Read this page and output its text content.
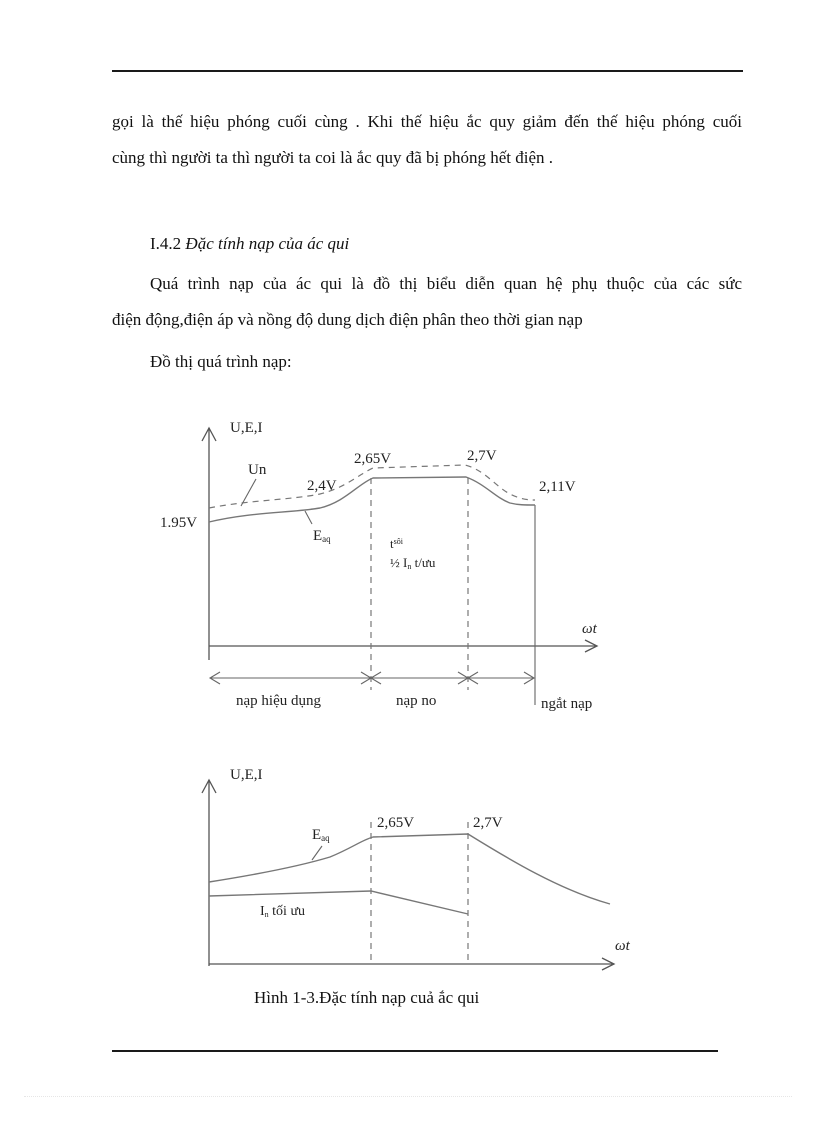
gọi là thế hiệu phóng cuối cùng . Khi thế hiệu ắc quy giảm đến thế hiệu phóng cuối
cùng thì người ta thì người ta coi là ắc quy đã bị phóng hết điện .
I.4.2 Đặc tính nạp của ác qui
Quá trình nạp của ác qui là đồ thị biểu diễn quan hệ phụ thuộc của các sức
điện động,điện áp và nồng độ dung dịch điện phân theo thời gian nạp
Đồ thị quá trình nạp:
U,E,I
ωt
Un
Eaq
1.95V
2,4V
2,65V	2,7V
2,11V
$t^{sôi}$
½ In t/ưu
nạp hiệu dụng	nạp no	ngắt nạp
U,E,I
ωt
Eaq
2,65V	2,7V
In tối ưu
Hình 1-3.Đặc tính nạp cuả ắc qui
